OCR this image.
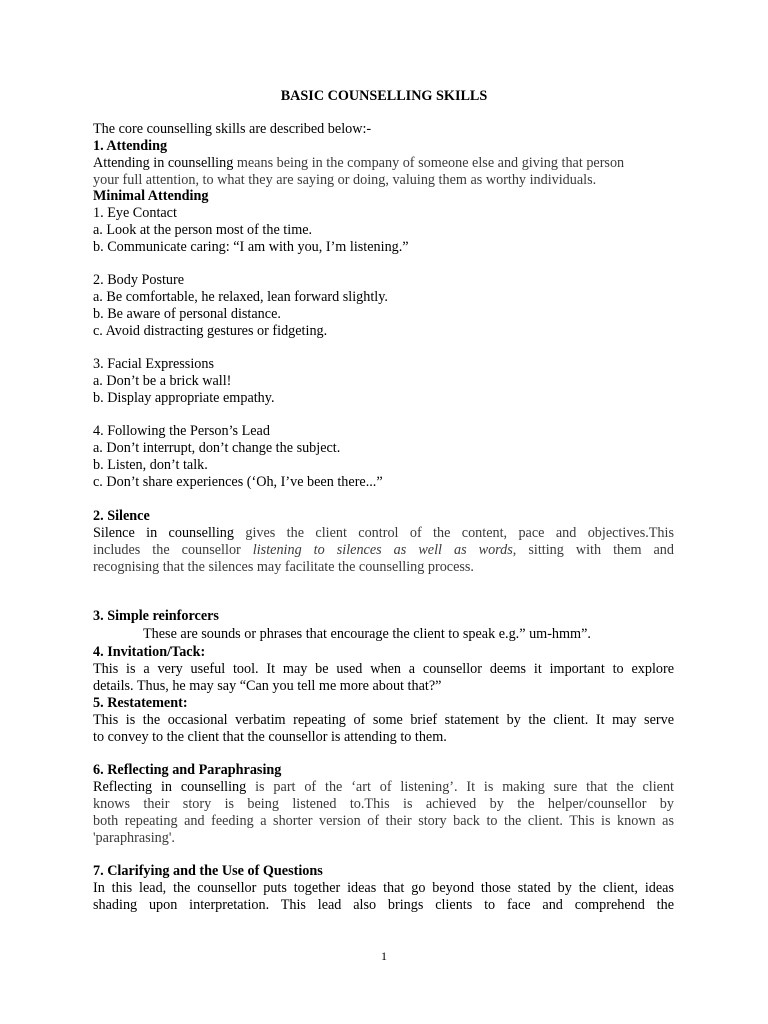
BASIC COUNSELLING SKILLS
The core counselling skills are described below:-
1. Attending
Attending in counselling means being in the company of someone else and giving that person
your full attention, to what they are saying or doing, valuing them as worthy individuals.
Minimal Attending
1. Eye Contact
a. Look at the person most of the time.
b. Communicate caring: “I am with you, I’m listening.”
2. Body Posture
a. Be comfortable, he relaxed, lean forward slightly.
b. Be aware of personal distance.
c. Avoid distracting gestures or fidgeting.
3. Facial Expressions
a. Don’t be a brick wall!
b. Display appropriate empathy.
4. Following the Person’s Lead
a. Don’t interrupt, don’t change the subject.
b. Listen, don’t talk.
c. Don’t share experiences (‘Oh, I’ve been there...”
2. Silence
Silence in counselling gives the client control of the content, pace and objectives.This
includes the counsellor listening to silences as well as words, sitting with them and
recognising that the silences may facilitate the counselling process.
3. Simple reinforcers
These are sounds or phrases that encourage the client to speak e.g.” um-hmm”.
4. Invitation/Tack:
This is a very useful tool. It may be used when a counsellor deems it important to explore
details. Thus, he may say “Can you tell me more about that?”
5. Restatement:
This is the occasional verbatim repeating of some brief statement by the client. It may serve
to convey to the client that the counsellor is attending to them.
6. Reflecting and Paraphrasing
Reflecting in counselling is part of the ‘art of listening’. It is making sure that the client
knows their story is being listened to.This is achieved by the helper/counsellor by
both repeating and feeding a shorter version of their story back to the client. This is known as
'paraphrasing'.
7. Clarifying and the Use of Questions
In this lead, the counsellor puts together ideas that go beyond those stated by the client, ideas
shading upon interpretation. This lead also brings clients to face and comprehend the
1
